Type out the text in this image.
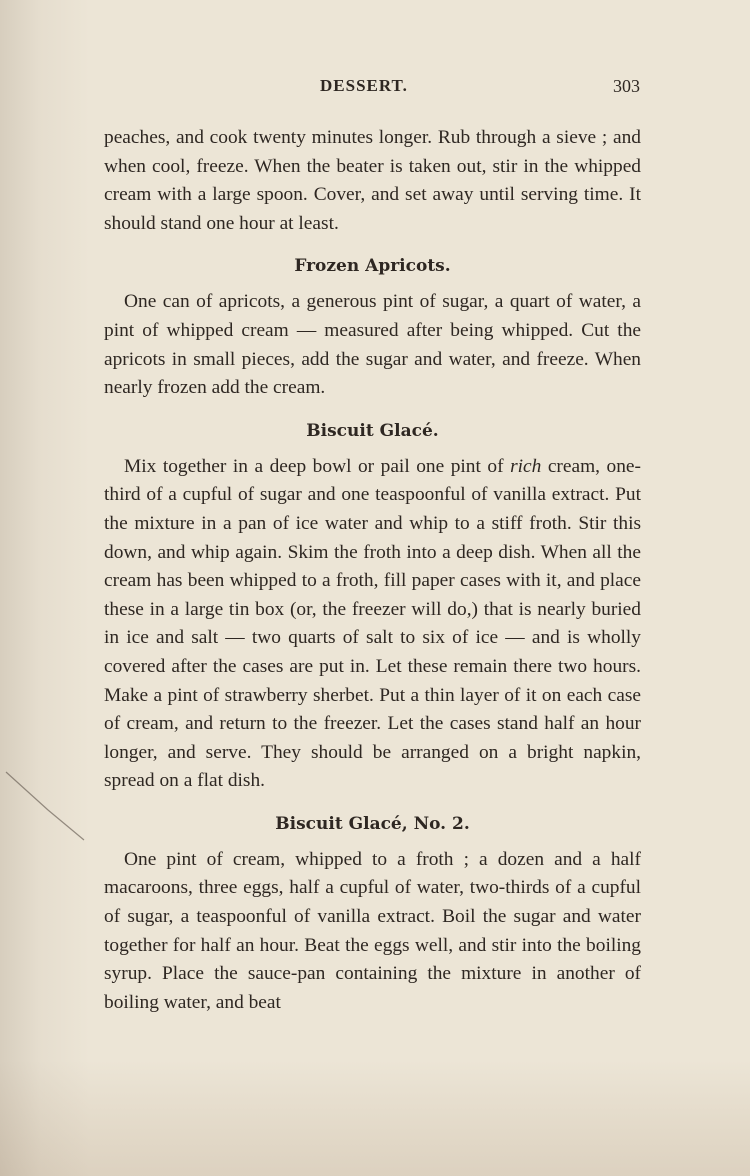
DESSERT.	303

peaches, and cook twenty minutes longer. Rub through a sieve ; and when cool, freeze. When the beater is taken out, stir in the whipped cream with a large spoon. Cover, and set away until serving time. It should stand one hour at least.

Frozen Apricots.

One can of apricots, a generous pint of sugar, a quart of water, a pint of whipped cream — measured after being whipped. Cut the apricots in small pieces, add the sugar and water, and freeze. When nearly frozen add the cream.

Biscuit Glacé.

Mix together in a deep bowl or pail one pint of rich cream, one-third of a cupful of sugar and one teaspoonful of vanilla extract. Put the mixture in a pan of ice water and whip to a stiff froth. Stir this down, and whip again. Skim the froth into a deep dish. When all the cream has been whipped to a froth, fill paper cases with it, and place these in a large tin box (or, the freezer will do,) that is nearly buried in ice and salt — two quarts of salt to six of ice — and is wholly covered after the cases are put in. Let these remain there two hours. Make a pint of strawberry sherbet. Put a thin layer of it on each case of cream, and return to the freezer. Let the cases stand half an hour longer, and serve. They should be arranged on a bright napkin, spread on a flat dish.

Biscuit Glacé, No. 2.

One pint of cream, whipped to a froth ; a dozen and a half macaroons, three eggs, half a cupful of water, two-thirds of a cupful of sugar, a teaspoonful of vanilla extract. Boil the sugar and water together for half an hour. Beat the eggs well, and stir into the boiling syrup. Place the sauce-pan containing the mixture in another of boiling water, and beat
